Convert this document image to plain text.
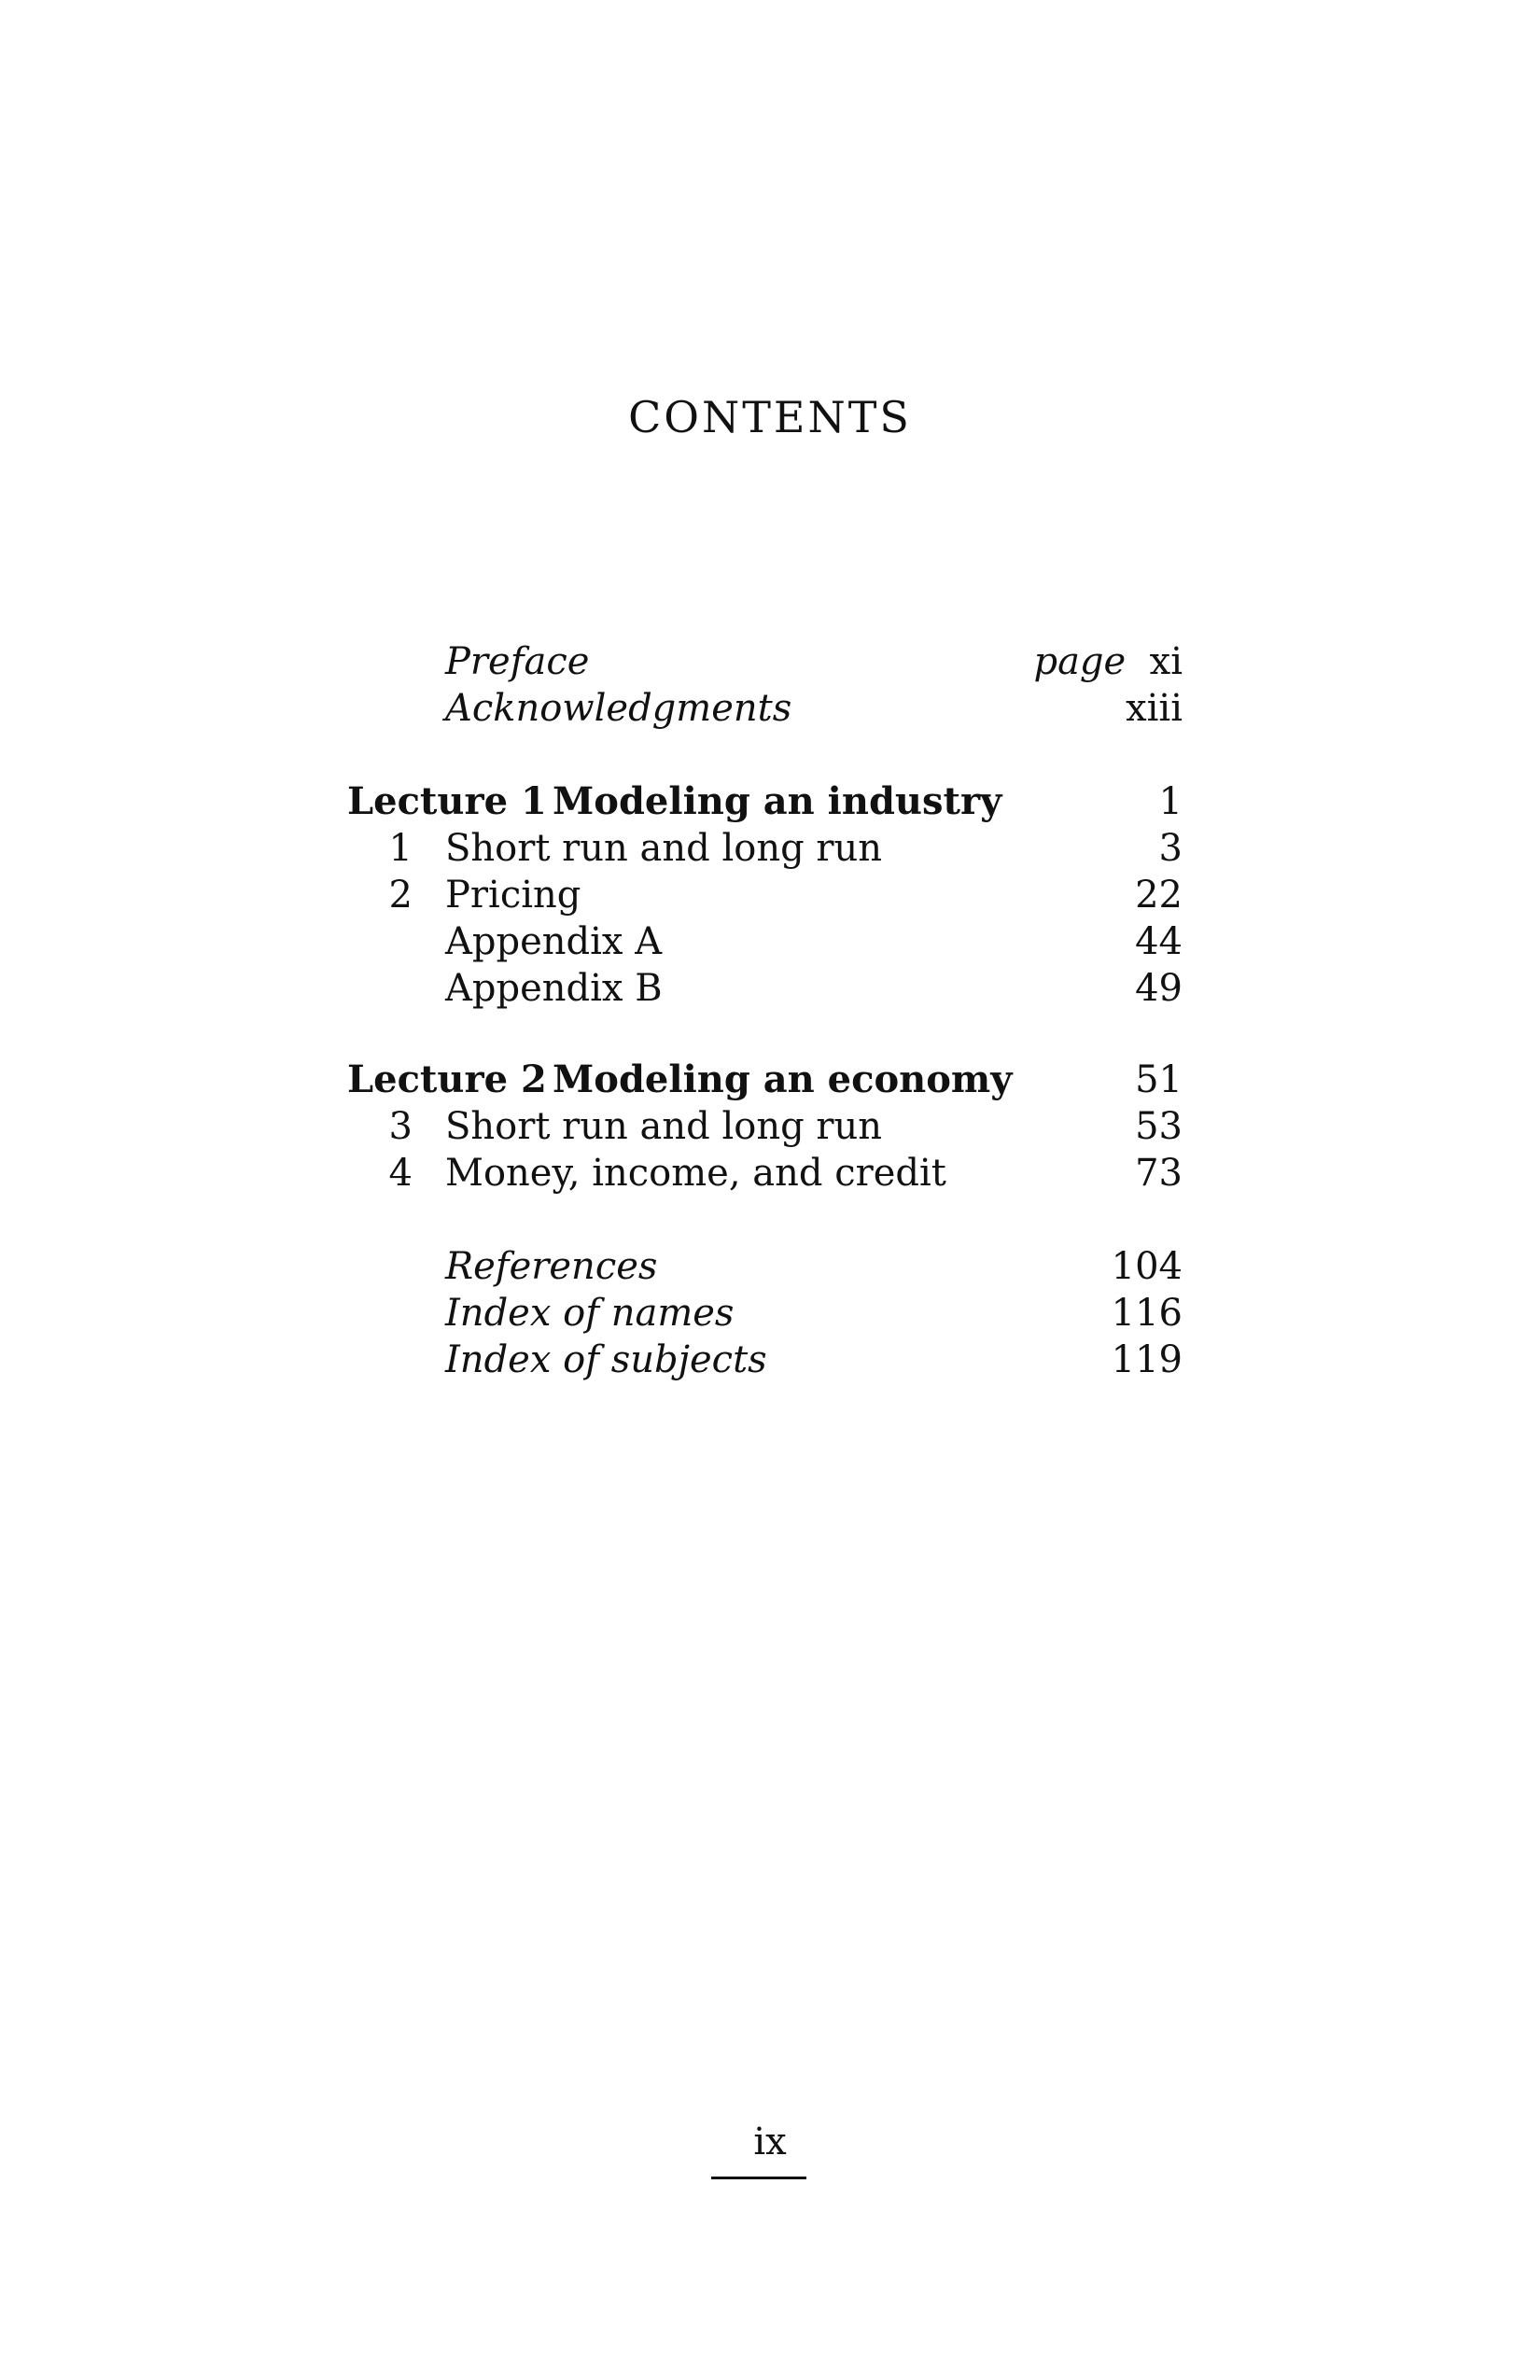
CONTENTS
Preface	page xi
Acknowledgments	xiii
Lecture 1 Modeling an industry	1
1 Short run and long run	3
2 Pricing	22
Appendix A	44
Appendix B	49
Lecture 2 Modeling an economy	51
3 Short run and long run	53
4 Money, income, and credit	73
References	104
Index of names	116
Index of subjects	119
ix
